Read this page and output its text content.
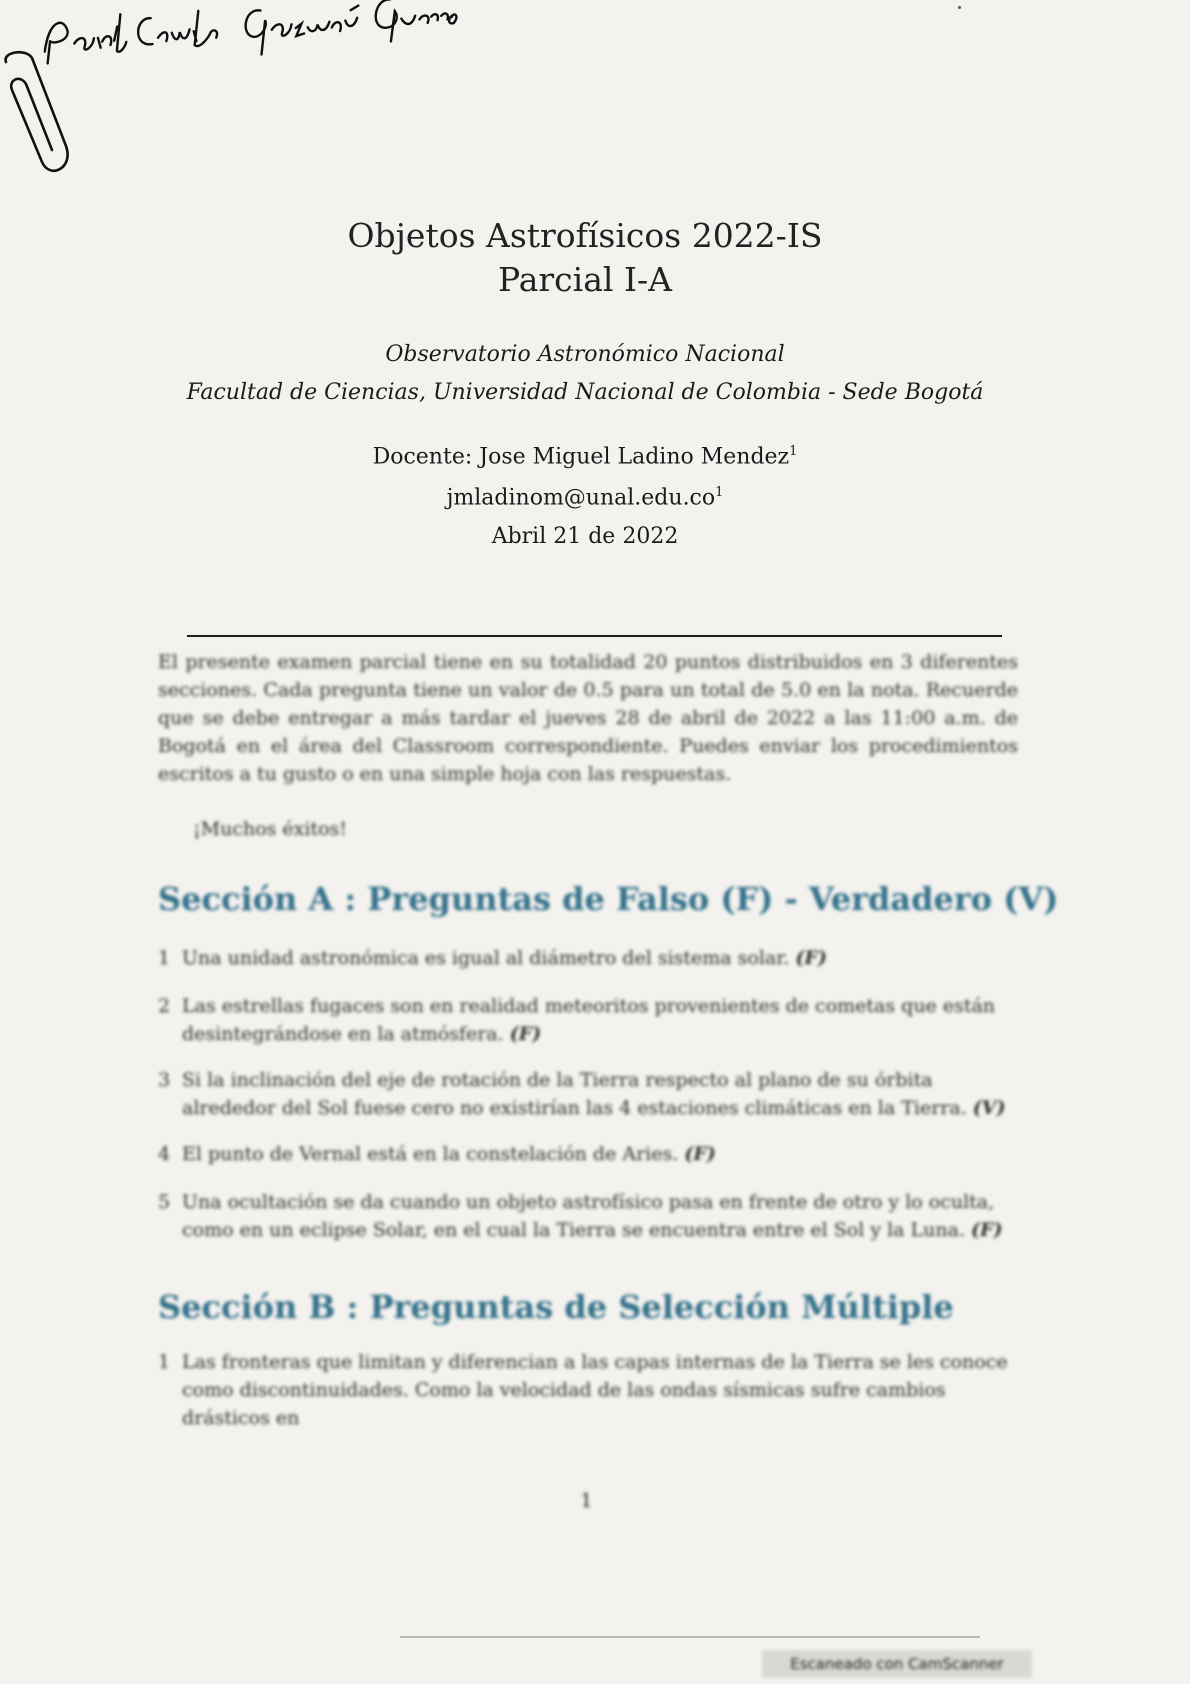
Objetos Astrofísicos 2022-IS
Parcial I-A
Observatorio Astronómico Nacional
Facultad de Ciencias, Universidad Nacional de Colombia - Sede Bogotá
Docente: Jose Miguel Ladino Mendez$^1$
$jmladinom@unal.edu.co^1$
Abril 21 de 2022
El presente examen parcial tiene en su totalidad 20 puntos distribuidos en 3 diferentes secciones. Cada pregunta tiene un valor de 0.5 para un total de 5.0 en la nota. Recuerde que se debe entregar a más tardar el jueves 28 de abril de 2022 a las 11:00 a.m. de Bogotá en el área del Classroom correspondiente. Puedes enviar los procedimientos escritos a tu gusto o en una simple hoja con las respuestas.
¡Muchos éxitos!
Sección A : Preguntas de Falso (F) - Verdadero (V)
1 Una unidad astronómica es igual al diámetro del sistema solar. (F)
2 Las estrellas fugaces son en realidad meteoritos provenientes de cometas que están desintegrándose en la atmósfera. (F)
3 Si la inclinación del eje de rotación de la Tierra respecto al plano de su órbita alrededor del Sol fuese cero no existirían las 4 estaciones climáticas en la Tierra. (V)
4 El punto de Vernal está en la constelación de Aries. (F)
5 Una ocultación se da cuando un objeto astrofísico pasa en frente de otro y lo oculta, como en un eclipse Solar, en el cual la Tierra se encuentra entre el Sol y la Luna. (F)
Sección B : Preguntas de Selección Múltiple
1 Las fronteras que limitan y diferencian a las capas internas de la Tierra se les conoce como discontinuidades. Como la velocidad de las ondas sísmicas sufre cambios drásticos en
1
Escaneado con CamScanner
